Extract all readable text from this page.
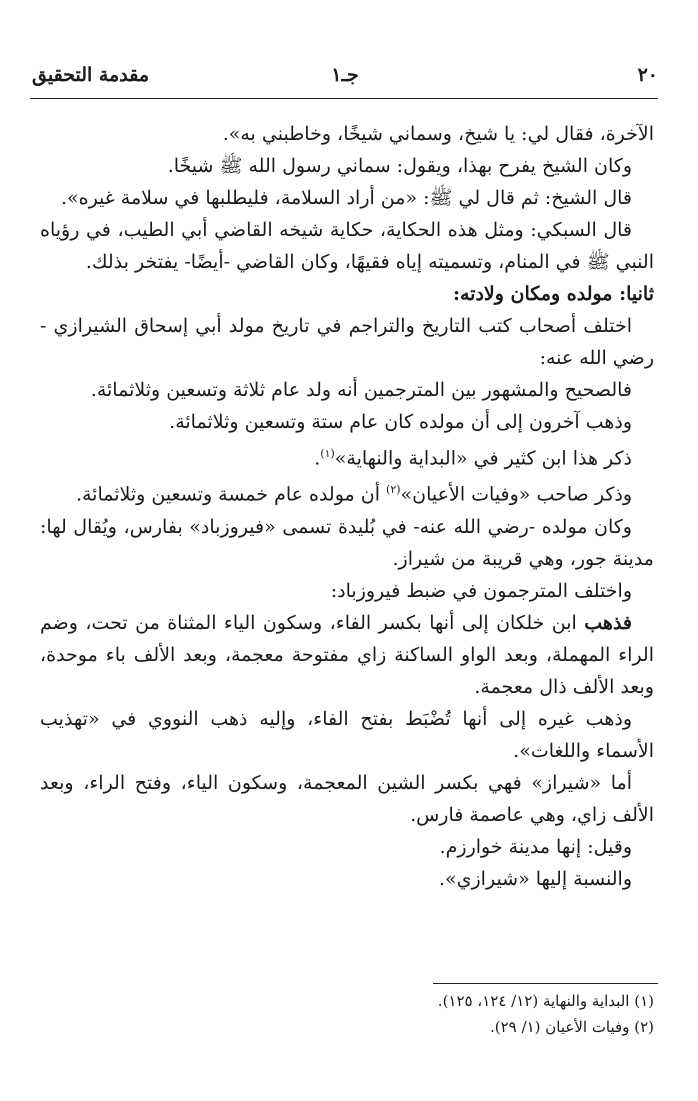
٢٠
جـ١
مقدمة التحقيق

الآخرة، فقال لي: يا شيخ، وسماني شيخًا، وخاطبني به».

وكان الشيخ يفرح بهذا، ويقول: سماني رسول الله ﷺ شيخًا.

قال الشيخ: ثم قال لي ﷺ: «من أراد السلامة، فليطلبها في سلامة غيره».

قال السبكي: ومثل هذه الحكاية، حكاية شيخه القاضي أبي الطيب، في رؤياه النبي ﷺ في المنام، وتسميته إياه فقيهًا، وكان القاضي -أيضًا- يفتخر بذلك.

ثانيا: مولده ومكان ولادته:

اختلف أصحاب كتب التاريخ والتراجم في تاريخ مولد أبي إسحاق الشيرازي - رضي الله عنه:

فالصحيح والمشهور بين المترجمين أنه ولد عام ثلاثة وتسعين وثلاثمائة.

وذهب آخرون إلى أن مولده كان عام ستة وتسعين وثلاثمائة.

ذكر هذا ابن كثير في «البداية والنهاية»$^{(١)}$.

وذكر صاحب «وفيات الأعيان»$^{(٢)}$ أن مولده عام خمسة وتسعين وثلاثمائة.

وكان مولده -رضي الله عنه- في بُليدة تسمى «فيروزباد» بفارس، ويُقال لها: مدينة جور، وهي قريبة من شيراز.

واختلف المترجمون في ضبط فيروزباد:

فذهب ابن خلكان إلى أنها بكسر الفاء، وسكون الياء المثناة من تحت، وضم الراء المهملة، وبعد الواو الساكنة زاي مفتوحة معجمة، وبعد الألف باء موحدة، وبعد الألف ذال معجمة.

وذهب غيره إلى أنها تُضْبَط بفتح الفاء، وإليه ذهب النووي في «تهذيب الأسماء واللغات».

أما «شيراز» فهي بكسر الشين المعجمة، وسكون الياء، وفتح الراء، وبعد الألف زاي، وهي عاصمة فارس.

وقيل: إنها مدينة خوارزم.

والنسبة إليها «شيرازي».

(١) البداية والنهاية (١٢/ ١٢٤، ١٢٥).

(٢) وفيات الأعيان (١/ ٢٩).
